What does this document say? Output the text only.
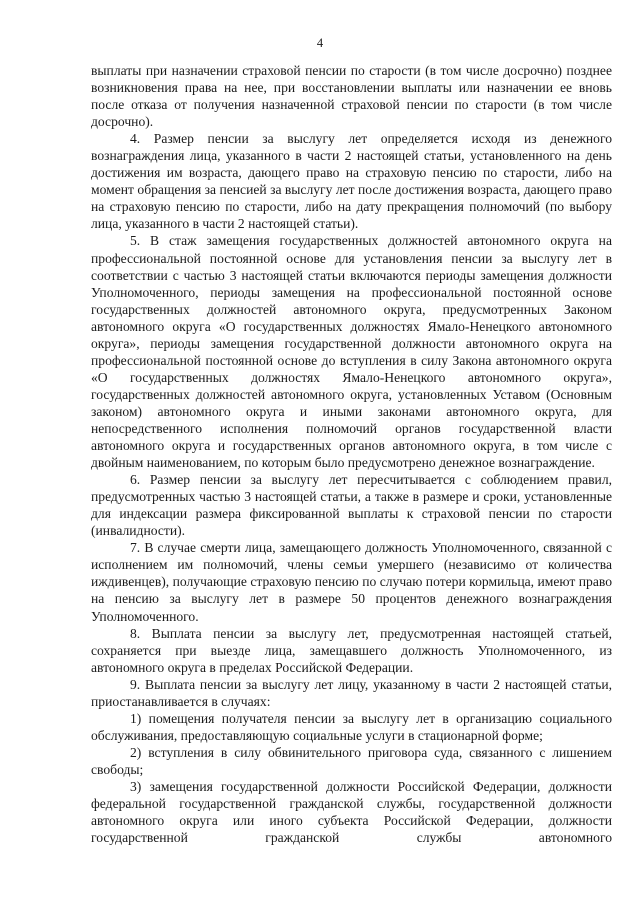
4

выплаты при назначении страховой пенсии по старости (в том числе досрочно) позднее возникновения права на нее, при восстановлении выплаты или назначении ее вновь после отказа от получения назначенной страховой пенсии по старости (в том числе досрочно).

4. Размер пенсии за выслугу лет определяется исходя из денежного вознаграждения лица, указанного в части 2 настоящей статьи, установленного на день достижения им возраста, дающего право на страховую пенсию по старости, либо на момент обращения за пенсией за выслугу лет после достижения возраста, дающего право на страховую пенсию по старости, либо на дату прекращения полномочий (по выбору лица, указанного в части 2 настоящей статьи).

5. В стаж замещения государственных должностей автономного округа на профессиональной постоянной основе для установления пенсии за выслугу лет в соответствии с частью 3 настоящей статьи включаются периоды замещения должности Уполномоченного, периоды замещения на профессиональной постоянной основе государственных должностей автономного округа, предусмотренных Законом автономного округа «О государственных должностях Ямало-Ненецкого автономного округа», периоды замещения государственной должности автономного округа на профессиональной постоянной основе до вступления в силу Закона автономного округа «О государственных должностях Ямало-Ненецкого автономного округа», государственных должностей автономного округа, установленных Уставом (Основным законом) автономного округа и иными законами автономного округа, для непосредственного исполнения полномочий органов государственной власти автономного округа и государственных органов автономного округа, в том числе с двойным наименованием, по которым было предусмотрено денежное вознаграждение.

6. Размер пенсии за выслугу лет пересчитывается с соблюдением правил, предусмотренных частью 3 настоящей статьи, а также в размере и сроки, установленные для индексации размера фиксированной выплаты к страховой пенсии по старости (инвалидности).

7. В случае смерти лица, замещающего должность Уполномоченного, связанной с исполнением им полномочий, члены семьи умершего (независимо от количества иждивенцев), получающие страховую пенсию по случаю потери кормильца, имеют право на пенсию за выслугу лет в размере 50 процентов денежного вознаграждения Уполномоченного.

8. Выплата пенсии за выслугу лет, предусмотренная настоящей статьей, сохраняется при выезде лица, замещавшего должность Уполномоченного, из автономного округа в пределах Российской Федерации.

9. Выплата пенсии за выслугу лет лицу, указанному в части 2 настоящей статьи, приостанавливается в случаях:

1) помещения получателя пенсии за выслугу лет в организацию социального обслуживания, предоставляющую социальные услуги в стационарной форме;

2) вступления в силу обвинительного приговора суда, связанного с лишением свободы;

3) замещения государственной должности Российской Федерации, должности федеральной государственной гражданской службы, государственной должности автономного округа или иного субъекта Российской Федерации, должности государственной гражданской службы автономного
